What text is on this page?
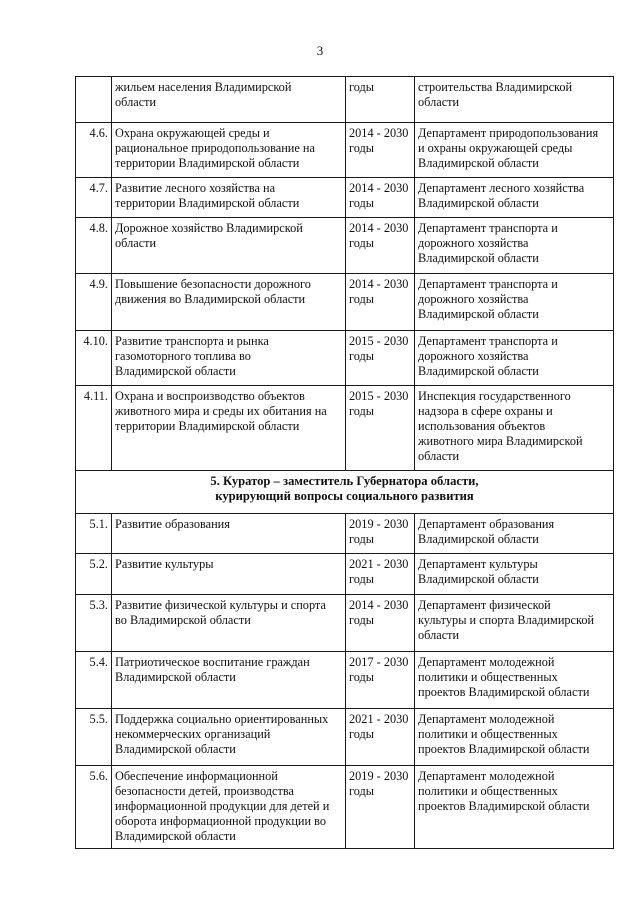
3

	жильем населения Владимирской
области	годы	строительства Владимирской
области

4.6.	Охрана окружающей среды и
рациональное природопользование на
территории Владимирской области	2014 - 2030
годы	Департамент природопользования
и охраны окружающей среды
Владимирской области

4.7.	Развитие лесного хозяйства на
территории Владимирской области	2014 - 2030
годы	Департамент лесного хозяйства
Владимирской области

4.8.	Дорожное хозяйство Владимирской
области	2014 - 2030
годы	Департамент транспорта и
дорожного хозяйства
Владимирской области

4.9.	Повышение безопасности дорожного
движения во Владимирской области	2014 - 2030
годы	Департамент транспорта и
дорожного хозяйства
Владимирской области

4.10.	Развитие транспорта и рынка
газомоторного топлива во
Владимирской области	2015 - 2030
годы	Департамент транспорта и
дорожного хозяйства
Владимирской области

4.11.	Охрана и воспроизводство объектов
животного мира и среды их обитания на
территории Владимирской области	2015 - 2030
годы	Инспекция государственного
надзора в сфере охраны и
использования объектов
животного мира Владимирской
области

5. Куратор – заместитель Губернатора области,
курирующий вопросы социального развития			

5.1.	Развитие образования	2019 - 2030
годы	Департамент образования
Владимирской области

5.2.	Развитие культуры	2021 - 2030
годы	Департамент культуры
Владимирской области

5.3.	Развитие физической культуры и спорта
во Владимирской области	2014 - 2030
годы	Департамент физической
культуры и спорта Владимирской
области

5.4.	Патриотическое воспитание граждан
Владимирской области	2017 - 2030
годы	Департамент молодежной
политики и общественных
проектов Владимирской области

5.5.	Поддержка социально ориентированных
некоммерческих организаций
Владимирской области	2021 - 2030
годы	Департамент молодежной
политики и общественных
проектов Владимирской области

5.6.	Обеспечение информационной
безопасности детей, производства
информационной продукции для детей и
оборота информационной продукции во
Владимирской области	2019 - 2030
годы	Департамент молодежной
политики и общественных
проектов Владимирской области
